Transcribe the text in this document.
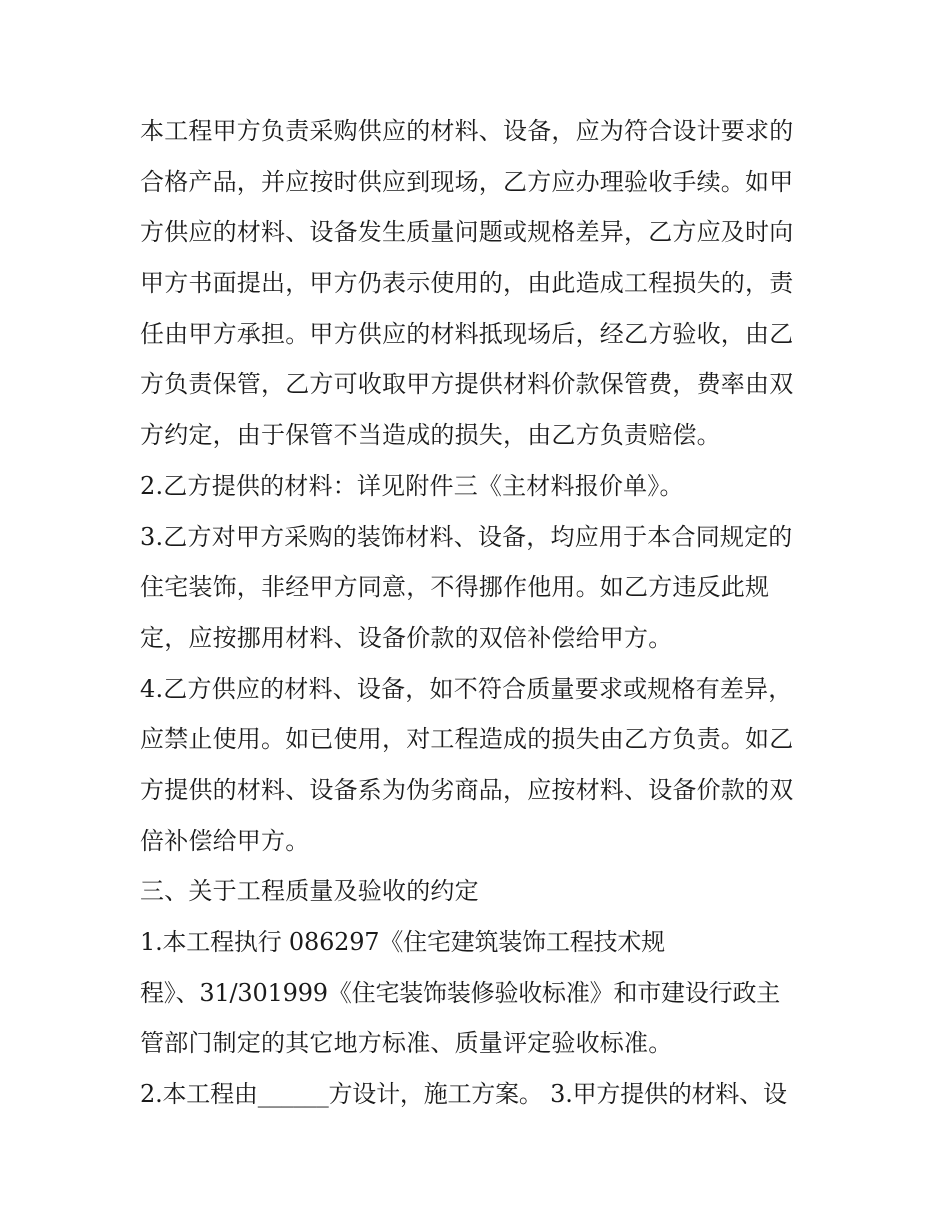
本工程甲方负责采购供应的材料、设备，应为符合设计要求的
合格产品，并应按时供应到现场，乙方应办理验收手续。如甲
方供应的材料、设备发生质量问题或规格差异，乙方应及时向
甲方书面提出，甲方仍表示使用的，由此造成工程损失的，责
任由甲方承担。甲方供应的材料抵现场后，经乙方验收，由乙
方负责保管，乙方可收取甲方提供材料价款保管费，费率由双
方约定，由于保管不当造成的损失，由乙方负责赔偿。
2.乙方提供的材料：详见附件三《主材料报价单》。
3.乙方对甲方采购的装饰材料、设备，均应用于本合同规定的
住宅装饰，非经甲方同意，不得挪作他用。如乙方违反此规
定，应按挪用材料、设备价款的双倍补偿给甲方。
4.乙方供应的材料、设备，如不符合质量要求或规格有差异，
应禁止使用。如已使用，对工程造成的损失由乙方负责。如乙
方提供的材料、设备系为伪劣商品，应按材料、设备价款的双
倍补偿给甲方。
三、关于工程质量及验收的约定
1.本工程执行 086297《住宅建筑装饰工程技术规
程》、31/301999《住宅装饰装修验收标准》和市建设行政主
管部门制定的其它地方标准、质量评定验收标准。
2.本工程由______方设计，施工方案。 3.甲方提供的材料、设
